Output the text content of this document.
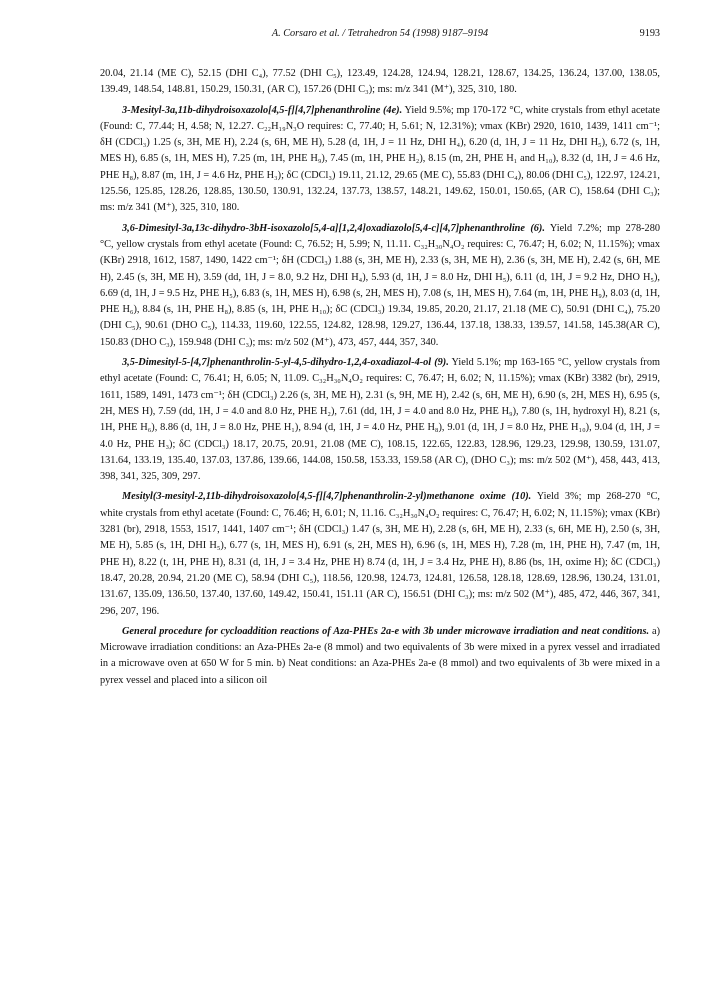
A. Corsaro et al. / Tetrahedron 54 (1998) 9187–9194	9193

20.04, 21.14 (ME C), 52.15 (DHI C₄), 77.52 (DHI C₅), 123.49, 124.28, 124.94, 128.21, 128.67, 134.25, 136.24, 137.00, 138.05, 139.49, 148.54, 148.81, 150.29, 150.31, (AR C), 157.26 (DHI C₃); ms: m/z 341 (M⁺), 325, 310, 180.

3-Mesityl-3a,11b-dihydroisoxazolo[4,5-f][4,7]phenanthroline (4e). Yield 9.5%; mp 170-172 °C, white crystals from ethyl acetate (Found: C, 77.44; H, 4.58; N, 12.27. C₂₂H₁₉N₃O requires: C, 77.40; H, 5.61; N, 12.31%); νmax (KBr) 2920, 1610, 1439, 1411 cm⁻¹; δH (CDCl₃) 1.25 (s, 3H, ME H), 2.24 (s, 6H, ME H), 5.28 (d, 1H, J = 11 Hz, DHI H₄), 6.20 (d, 1H, J = 11 Hz, DHI H₅), 6.72 (s, 1H, MES H), 6.85 (s, 1H, MES H), 7.25 (m, 1H, PHE H₉), 7.45 (m, 1H, PHE H₂), 8.15 (m, 2H, PHE H₁ and H₁₀), 8.32 (d, 1H, J = 4.6 Hz, PHE H₈), 8.87 (m, 1H, J = 4.6 Hz, PHE H₃); δC (CDCl₃) 19.11, 21.12, 29.65 (ME C), 55.83 (DHI C₄), 80.06 (DHI C₅), 122.97, 124.21, 125.56, 125.85, 128.26, 128.85, 130.50, 130.91, 132.24, 137.73, 138.57, 148.21, 149.62, 150.01, 150.65, (AR C), 158.64 (DHI C₃); ms: m/z 341 (M⁺), 325, 310, 180.

3,6-Dimesityl-3a,13c-dihydro-3bH-isoxazolo[5,4-a][1,2,4]oxadiazolo[5,4-c][4,7]phenanthroline (6). Yield 7.2%; mp 278-280 °C, yellow crystals from ethyl acetate (Found: C, 76.52; H, 5.99; N, 11.11. C₃₂H₃₀N₄O₂ requires: C, 76.47; H, 6.02; N, 11.15%); νmax (KBr) 2918, 1612, 1587, 1490, 1422 cm⁻¹; δH (CDCl₃) 1.88 (s, 3H, ME H), 2.33 (s, 3H, ME H), 2.36 (s, 3H, ME H), 2.42 (s, 6H, ME H), 2.45 (s, 3H, ME H), 3.59 (dd, 1H, J = 8.0, 9.2 Hz, DHI H₄), 5.93 (d, 1H, J = 8.0 Hz, DHI H₅), 6.11 (d, 1H, J = 9.2 Hz, DHO H₅), 6.69 (d, 1H, J = 9.5 Hz, PHE H₅), 6.83 (s, 1H, MES H), 6.98 (s, 2H, MES H), 7.08 (s, 1H, MES H), 7.64 (m, 1H, PHE H₉), 8.03 (d, 1H, PHE H₆), 8.84 (s, 1H, PHE H₈), 8.85 (s, 1H, PHE H₁₀); δC (CDCl₃) 19.34, 19.85, 20.20, 21.17, 21.18 (ME C), 50.91 (DHI C₄), 75.20 (DHI C₅), 90.61 (DHO C₅), 114.33, 119.60, 122.55, 124.82, 128.98, 129.27, 136.44, 137.18, 138.33, 139.57, 141.58, 145.38(AR C), 150.83 (DHO C₃), 159.948 (DHI C₃); ms: m/z 502 (M⁺), 473, 457, 444, 357, 340.

3,5-Dimesityl-5-[4,7]phenanthrolin-5-yl-4,5-dihydro-1,2,4-oxadiazol-4-ol (9). Yield 5.1%; mp 163-165 °C, yellow crystals from ethyl acetate (Found: C, 76.41; H, 6.05; N, 11.09. C₃₂H₃₀N₄O₂ requires: C, 76.47; H, 6.02; N, 11.15%); νmax (KBr) 3382 (br), 2919, 1611, 1589, 1491, 1473 cm⁻¹; δH (CDCl₃) 2.26 (s, 3H, ME H), 2.31 (s, 9H, ME H), 2.42 (s, 6H, ME H), 6.90 (s, 2H, MES H), 6.95 (s, 2H, MES H), 7.59 (dd, 1H, J = 4.0 and 8.0 Hz, PHE H₂), 7.61 (dd, 1H, J = 4.0 and 8.0 Hz, PHE H₉), 7.80 (s, 1H, hydroxyl H), 8.21 (s, 1H, PHE H₆), 8.86 (d, 1H, J = 8.0 Hz, PHE H₁), 8.94 (d, 1H, J = 4.0 Hz, PHE H₈), 9.01 (d, 1H, J = 8.0 Hz, PHE H₁₀), 9.04 (d, 1H, J = 4.0 Hz, PHE H₃); δC (CDCl₃) 18.17, 20.75, 20.91, 21.08 (ME C), 108.15, 122.65, 122.83, 128.96, 129.23, 129.98, 130.59, 131.07, 131.64, 133.19, 135.40, 137.03, 137.86, 139.66, 144.08, 150.58, 153.33, 159.58 (AR C), (DHO C₃); ms: m/z 502 (M⁺), 458, 443, 413, 398, 341, 325, 309, 297.

Mesityl(3-mesityl-2,11b-dihydroisoxazolo[4,5-f][4,7]phenanthrolin-2-yl)methanone oxime (10). Yield 3%; mp 268-270 °C, white crystals from ethyl acetate (Found: C, 76.46; H, 6.01; N, 11.16. C₃₂H₃₀N₄O₂ requires: C, 76.47; H, 6.02; N, 11.15%); νmax (KBr) 3281 (br), 2918, 1553, 1517, 1441, 1407 cm⁻¹; δH (CDCl₃) 1.47 (s, 3H, ME H), 2.28 (s, 6H, ME H), 2.33 (s, 6H, ME H), 2.50 (s, 3H, ME H), 5.85 (s, 1H, DHI H₅), 6.77 (s, 1H, MES H), 6.91 (s, 2H, MES H), 6.96 (s, 1H, MES H), 7.28 (m, 1H, PHE H), 7.47 (m, 1H, PHE H), 8.22 (t, 1H, PHE H), 8.31 (d, 1H, J = 3.4 Hz, PHE H) 8.74 (d, 1H, J = 3.4 Hz, PHE H), 8.86 (bs, 1H, oxime H); δC (CDCl₃) 18.47, 20.28, 20.94, 21.20 (ME C), 58.94 (DHI C₅), 118.56, 120.98, 124.73, 124.81, 126.58, 128.18, 128.69, 128.96, 130.24, 131.01, 131.67, 135.09, 136.50, 137.40, 137.60, 149.42, 150.41, 151.11 (AR C), 156.51 (DHI C₃); ms: m/z 502 (M⁺), 485, 472, 446, 367, 341, 296, 207, 196.

General procedure for cycloaddition reactions of Aza-PHEs 2a-e with 3b under microwave irradiation and neat conditions. a) Microwave irradiation conditions: an Aza-PHEs 2a-e (8 mmol) and two equivalents of 3b were mixed in a pyrex vessel and irradiated in a microwave oven at 650 W for 5 min. b) Neat conditions: an Aza-PHEs 2a-e (8 mmol) and two equivalents of 3b were mixed in a pyrex vessel and placed into a silicon oil
